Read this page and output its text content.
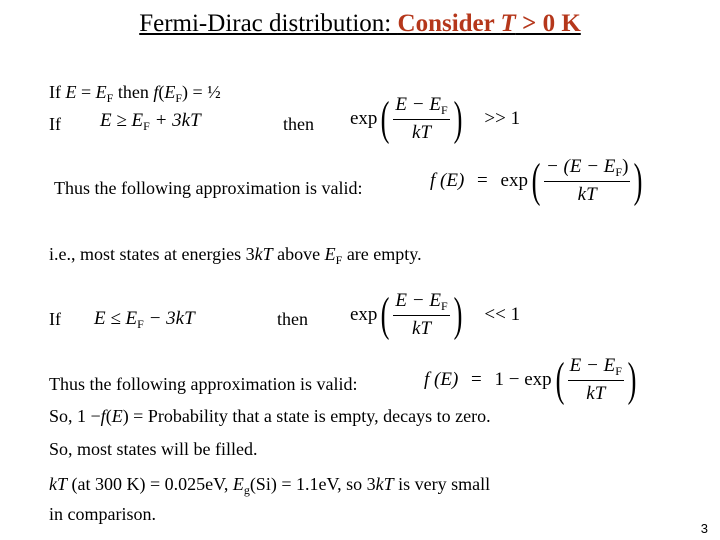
Fermi-Dirac distribution: Consider T > 0 K
If $E = E_F$ then $f(E_F)$ = ½
If $E \ge E_F + 3kT$	then $\exp( \frac{E - E_F}{kT}$ ) >> 1
Thus the following approximation is valid:	f $(E) = \exp( \frac{- (E - E_F)}{kT}$ )
i.e., most states at energies 3kT above $E_F$ are empty.
If $E \le E_F - 3kT$	then $\exp( \frac{E - E_F}{kT}$ ) << 1
Thus the following approximation is valid:	f $(E) = 1 - \exp( \frac{E - E_F}{kT}$ )
So, 1 −f(E) = Probability that a state is empty, decays to zero.
So, most states will be filled.
kT (at 300 K) = 0.025eV, $E_g(Si) = 1.1eV$, so 3kT is very small
in comparison.
3
